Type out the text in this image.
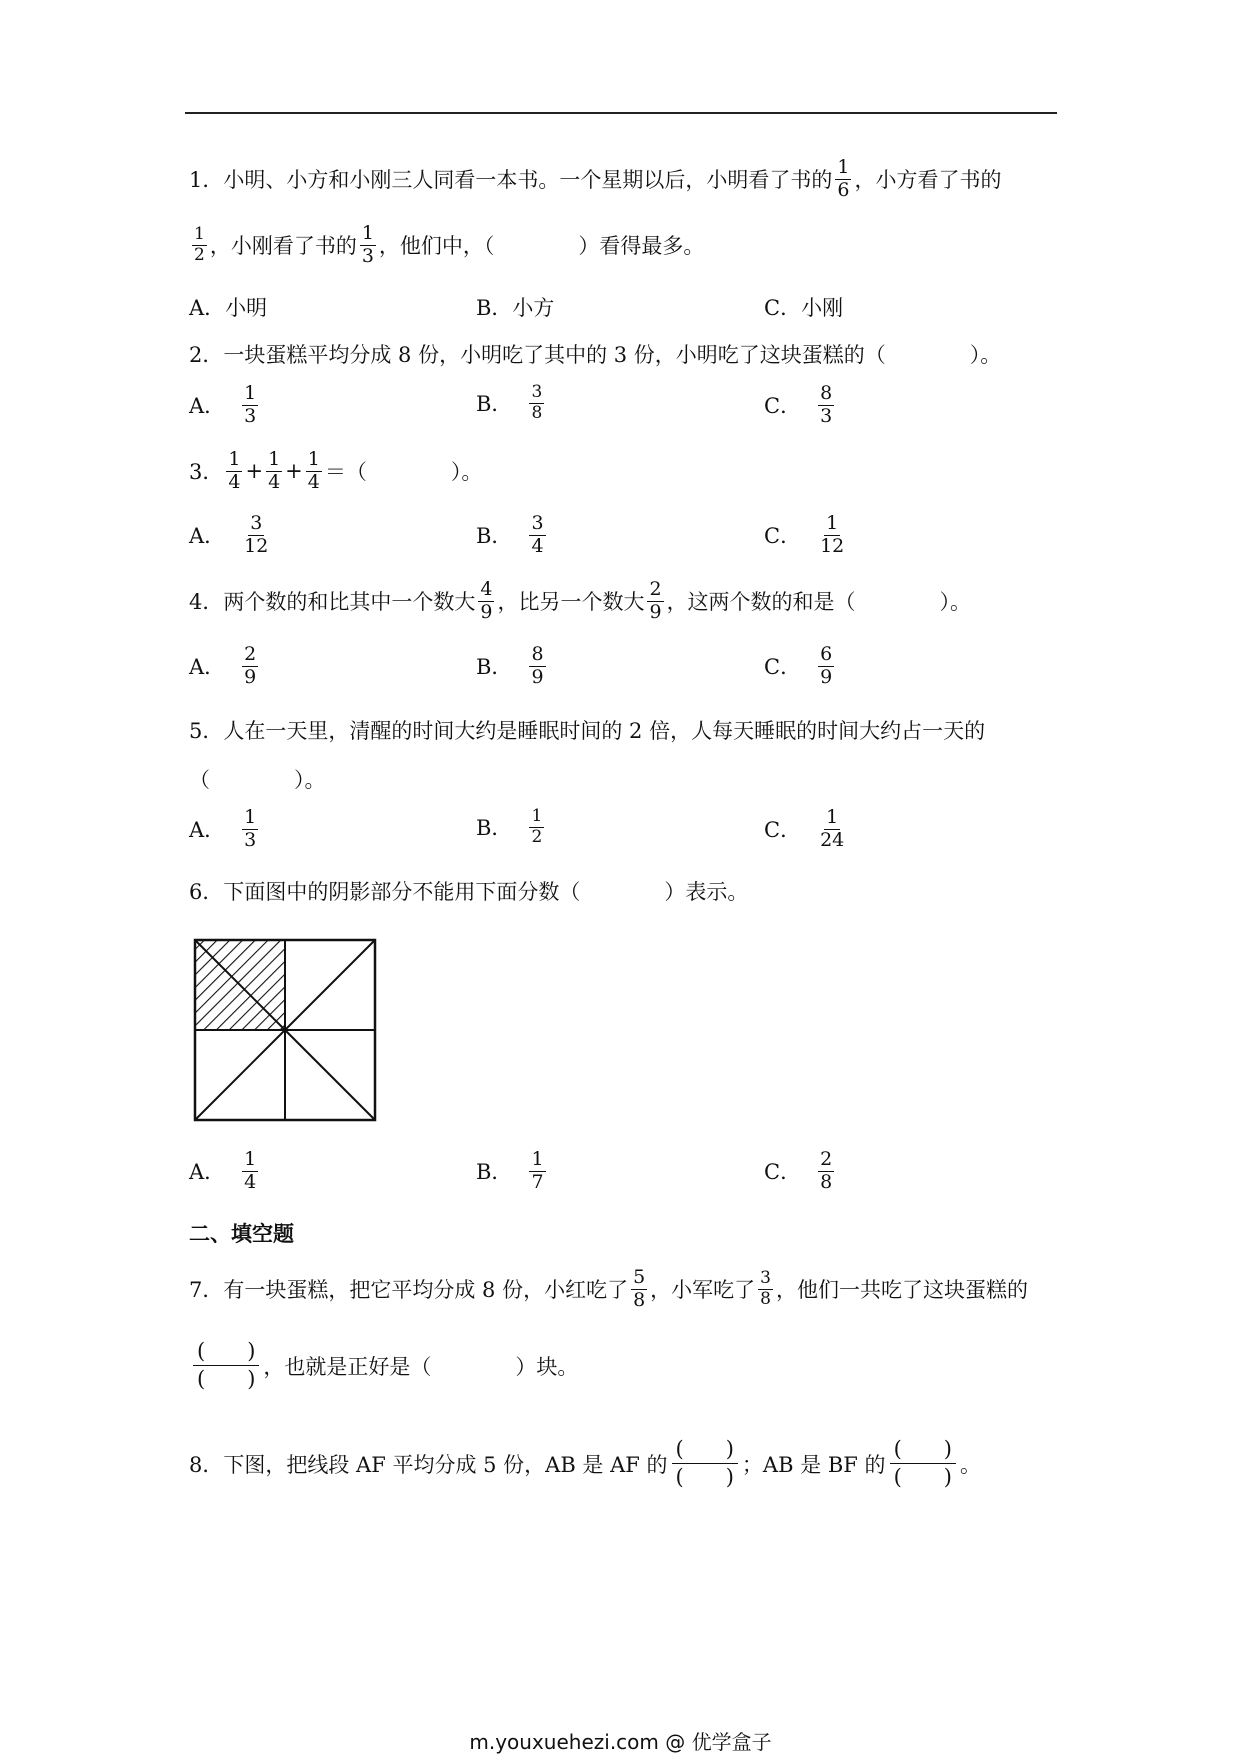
1．小明、小方和小刚三人同看一本书。一个星期以后，小明看了书的 $\frac{1}{6}$ ，小方看了书的
$\frac{1}{2}$ ，小刚看了书的 $\frac{1}{3}$ ，他们中，（　　　　）看得最多。
A．小明	B．小方	C．小刚
2．一块蛋糕平均分成 8 份，小明吃了其中的 3 份，小明吃了这块蛋糕的（　　　　）。
A． $\frac{1}{3}$	B． $\frac{3}{8}$	C． $\frac{8}{3}$
3． $\frac{1}{4} + \frac{1}{4} + \frac{1}{4}$ ＝（　　　　）。
A． $\frac{3}{12}$	B． $\frac{3}{4}$	C． $\frac{1}{12}$
4．两个数的和比其中一个数大 $\frac{4}{9}$ ，比另一个数大 $\frac{2}{9}$ ，这两个数的和是（　　　　）。
A． $\frac{2}{9}$	B． $\frac{8}{9}$	C． $\frac{6}{9}$
5．人在一天里，清醒的时间大约是睡眠时间的 2 倍，人每天睡眠的时间大约占一天的
（　　　　）。
A． $\frac{1}{3}$	B． $\frac{1}{2}$	C． $\frac{1}{24}$
6．下面图中的阴影部分不能用下面分数（　　　　）表示。
A． $\frac{1}{4}$	B． $\frac{1}{7}$	C． $\frac{2}{8}$
二、填空题
7．有一块蛋糕，把它平均分成 8 份，小红吃了 $\frac{5}{8}$ ，小军吃了 $\frac{3}{8}$ ，他们一共吃了这块蛋糕的
$\frac{( )}{( )}$ ，也就是正好是（　　　　）块。
8．下图，把线段 AF 平均分成 5 份，AB 是 AF 的 $\frac{( )}{( )}$ ；AB 是 BF 的 $\frac{( )}{( )}$ 。
m.youxuehezi.com @ 优学盒子
